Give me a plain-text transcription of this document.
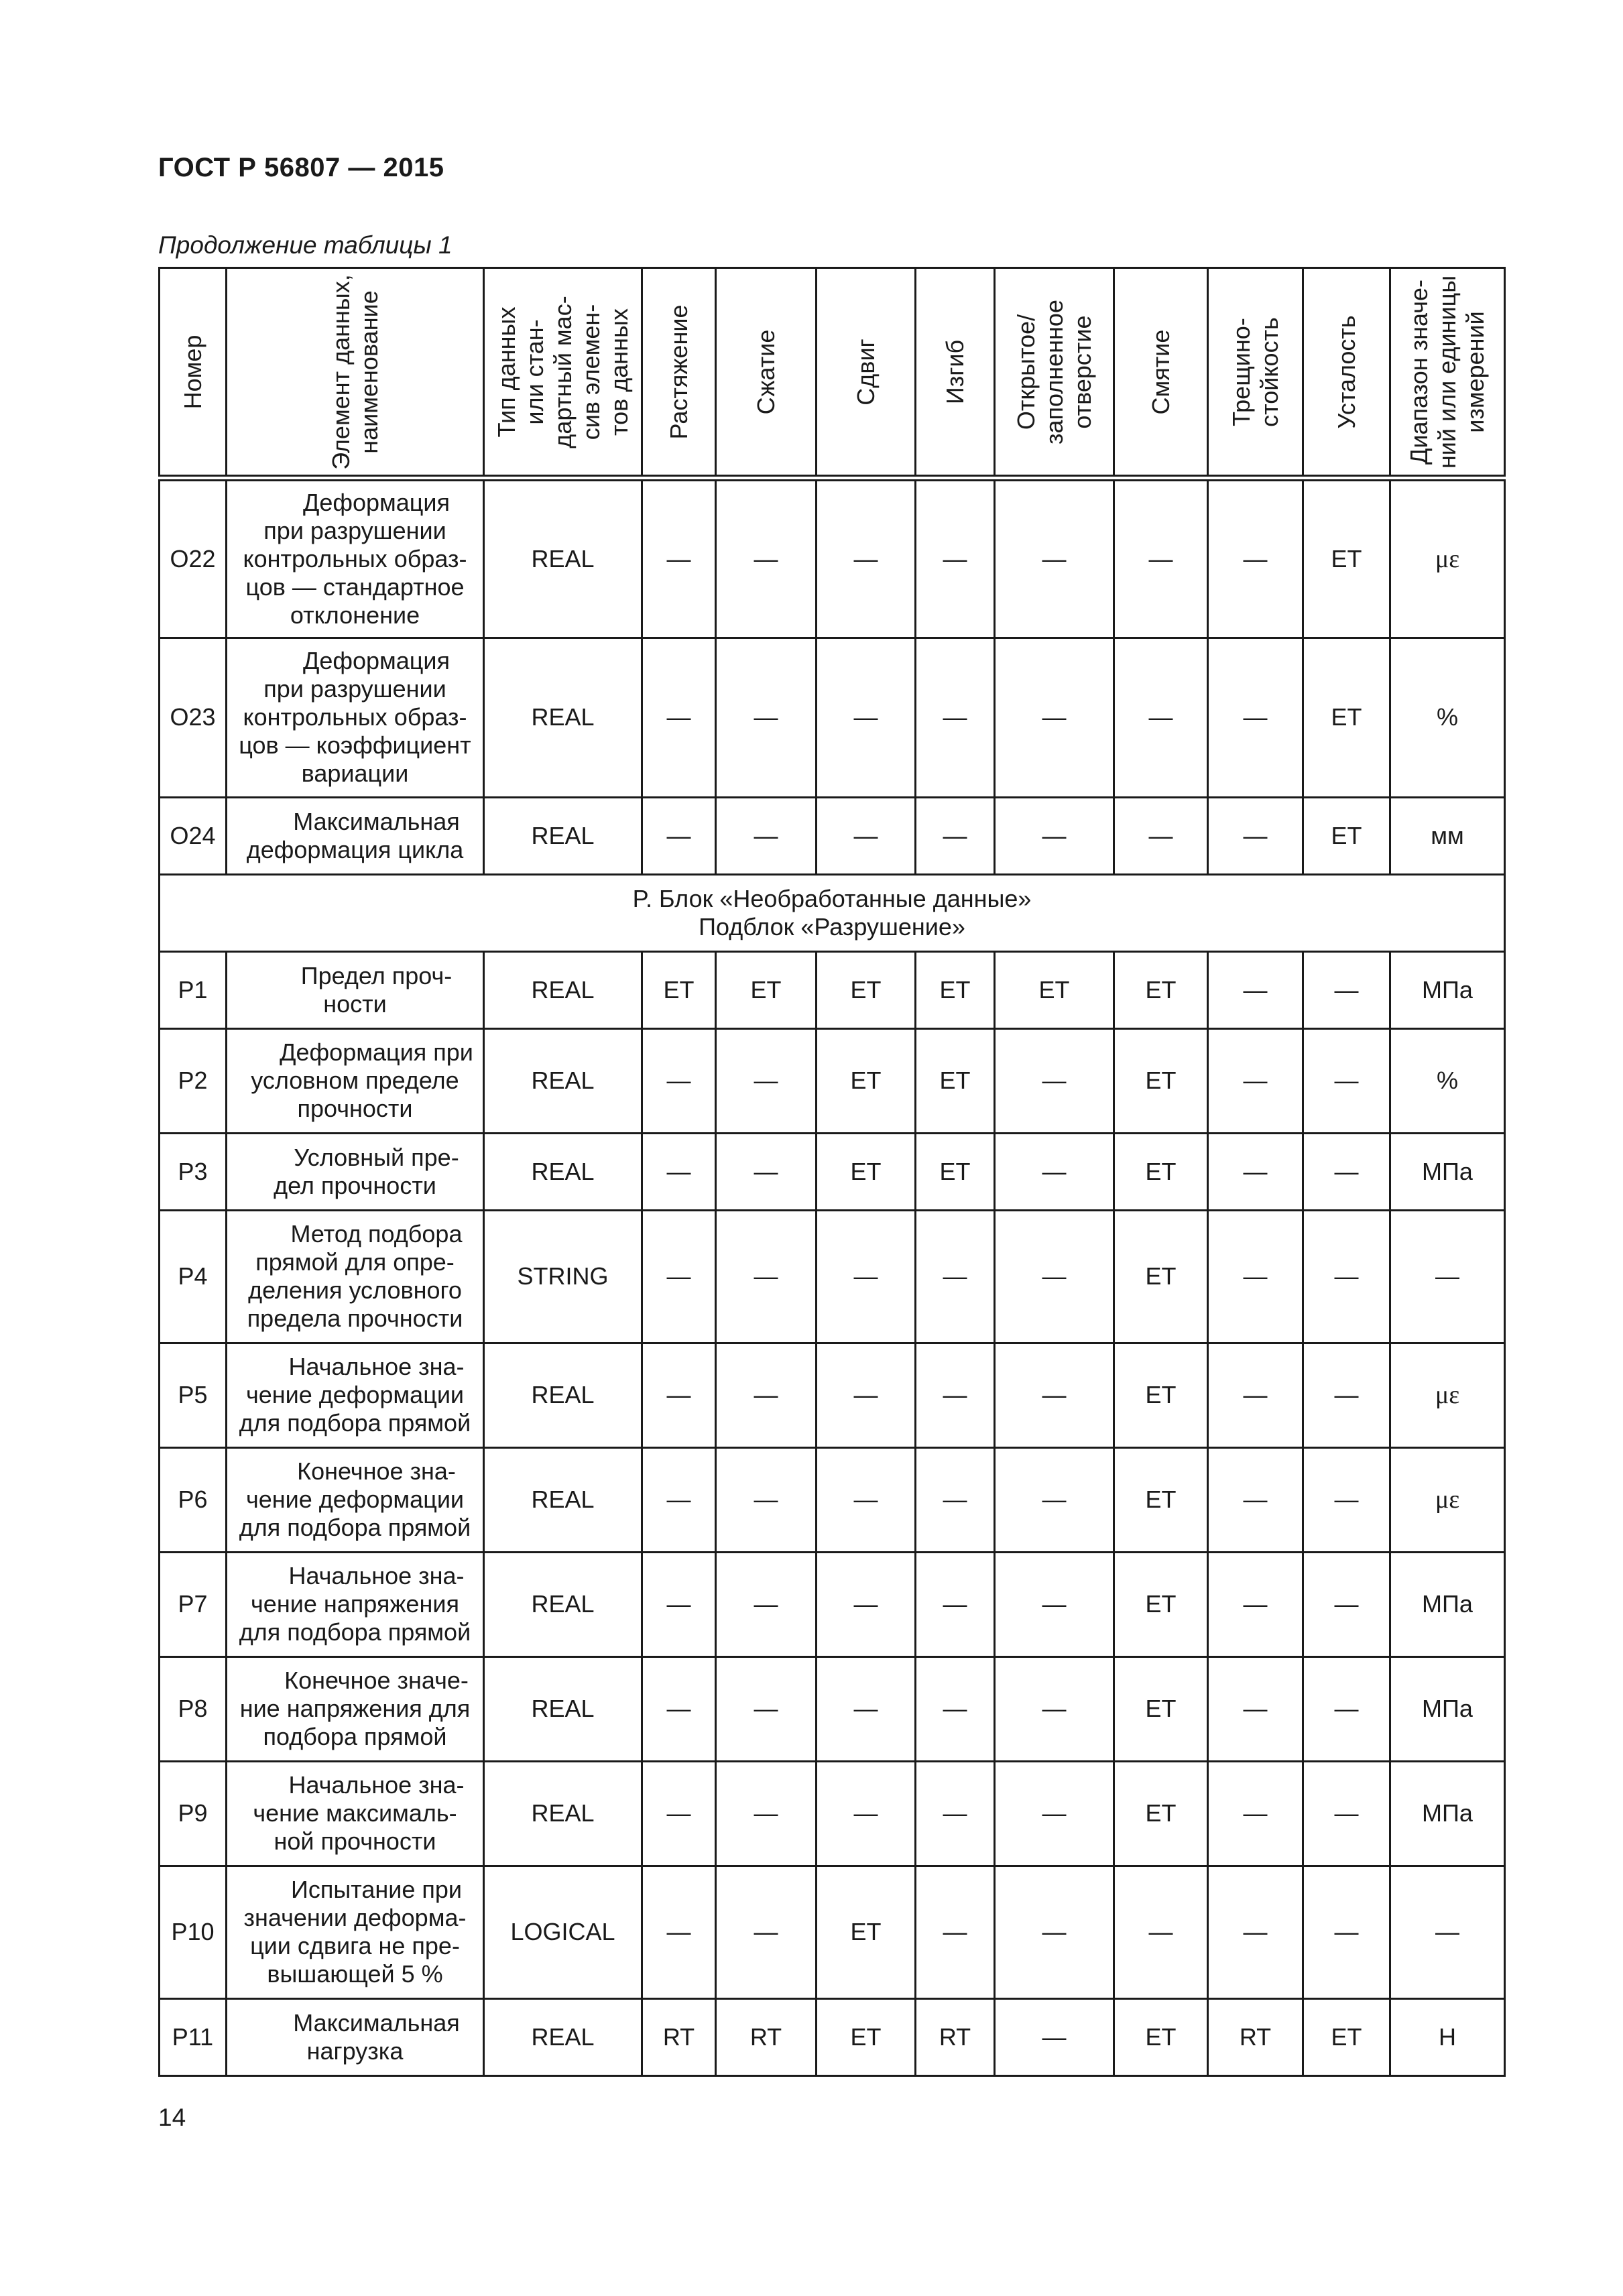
ГОСТ Р 56807 — 2015
Продолжение таблицы 1
Номер	Элемент данных, наименование	Тип данных или стан- дартный мас- сив элемен- тов данных	Растяжение	Сжатие	Сдвиг	Изгиб	Открытое/ заполненное отверстие	Смятие	Трещино- стойкость	Усталость	Диапазон значе- ний или единицы измерений

O22	Деформация
при разрушении
контрольных образ-
цов — стандартное
отклонение	REAL	—	—	—	—	—	—	—	ET	με
O23	Деформация
при разрушении
контрольных образ-
цов — коэффициент
вариации	REAL	—	—	—	—	—	—	—	ET	%
O24	Максимальная
деформация цикла	REAL	—	—	—	—	—	—	—	ET	мм

P. Блок «Необработанные данные»
Подблок «Разрушение»											

P1	Предел проч-
ности	REAL	ET	ET	ET	ET	ET	ET	—	—	МПа
P2	Деформация при
условном пределе
прочности	REAL	—	—	ET	ET	—	ET	—	—	%
P3	Условный пре-
дел прочности	REAL	—	—	ET	ET	—	ET	—	—	МПа
P4	Метод подбора
прямой для опре-
деления условного
предела прочности	STRING	—	—	—	—	—	ET	—	—	—
P5	Начальное зна-
чение деформации
для подбора прямой	REAL	—	—	—	—	—	ET	—	—	με
P6	Конечное зна-
чение деформации
для подбора прямой	REAL	—	—	—	—	—	ET	—	—	με
P7	Начальное зна-
чение напряжения
для подбора прямой	REAL	—	—	—	—	—	ET	—	—	МПа
P8	Конечное значе-
ние напряжения для
подбора прямой	REAL	—	—	—	—	—	ET	—	—	МПа
P9	Начальное зна-
чение максималь-
ной прочности	REAL	—	—	—	—	—	ET	—	—	МПа
P10	Испытание при
значении деформа-
ции сдвига не пре-
вышающей 5 %	LOGICAL	—	—	ET	—	—	—	—	—	—
P11	Максимальная
нагрузка	REAL	RT	RT	ET	RT	—	ET	RT	ET	Н
14
